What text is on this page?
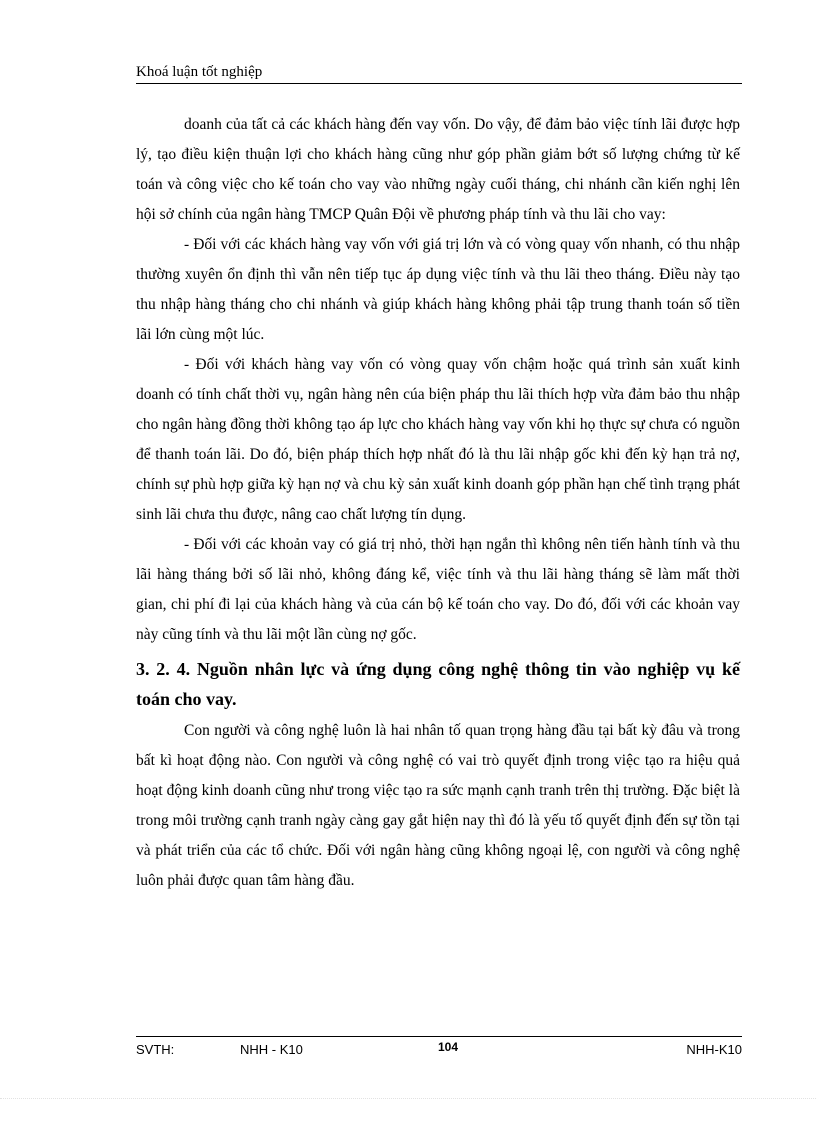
Khoá luận tốt nghiệp

doanh của tất cả các khách hàng đến vay vốn. Do vậy, để đảm bảo việc tính lãi được hợp lý, tạo điều kiện thuận lợi cho khách hàng cũng như góp phần giảm bớt số lượng chứng từ kế toán và công việc cho kế toán cho vay vào những ngày cuối tháng, chi nhánh cần kiến nghị lên hội sở chính của ngân hàng TMCP Quân Đội về phương pháp tính và thu lãi cho vay:

- Đối với các khách hàng vay vốn với giá trị lớn và có vòng quay vốn nhanh, có thu nhập thường xuyên ổn định thì vẫn nên tiếp tục áp dụng việc tính và thu lãi theo tháng. Điều này tạo thu nhập hàng tháng cho chi nhánh và giúp khách hàng không phải tập trung thanh toán số tiền lãi lớn cùng một lúc.

- Đối với khách hàng vay vốn có vòng quay vốn chậm hoặc quá trình sản xuất kinh doanh có tính chất thời vụ, ngân hàng nên cúa biện pháp thu lãi thích hợp vừa đảm bảo thu nhập cho ngân hàng đồng thời không tạo áp lực cho khách hàng vay vốn khi họ thực sự chưa có nguồn để thanh toán lãi. Do đó, biện pháp thích hợp nhất đó là thu lãi nhập gốc khi đến kỳ hạn trả nợ, chính sự phù hợp giữa kỳ hạn nợ và chu kỳ sản xuất kinh doanh góp phần hạn chế tình trạng phát sinh lãi chưa thu được, nâng cao chất lượng tín dụng.

- Đối với các khoản vay có giá trị nhỏ, thời hạn ngắn thì không nên tiến hành tính và thu lãi hàng tháng bởi số lãi nhỏ, không đáng kể, việc tính và thu lãi hàng tháng sẽ làm mất thời gian, chi phí đi lại của khách hàng và của cán bộ kế toán cho vay. Do đó, đối với các khoản vay này cũng tính và thu lãi một lần cùng nợ gốc.

3. 2. 4. Nguồn nhân lực và ứng dụng công nghệ thông tin vào nghiệp vụ kế toán cho vay.

Con người và công nghệ luôn là hai nhân tố quan trọng hàng đầu tại bất kỳ đâu và trong bất kì hoạt động nào. Con người và công nghệ có vai trò quyết định trong việc tạo ra hiệu quả hoạt động kinh doanh cũng như trong việc tạo ra sức mạnh cạnh tranh trên thị trường. Đặc biệt là trong môi trường cạnh tranh ngày càng gay gắt hiện nay thì đó là yếu tố quyết định đến sự tồn tại và phát triển của các tổ chức. Đối với ngân hàng cũng không ngoại lệ, con người và công nghệ luôn phải được quan tâm hàng đầu.

SVTH:	NHH - K10	104	NHH-K10
